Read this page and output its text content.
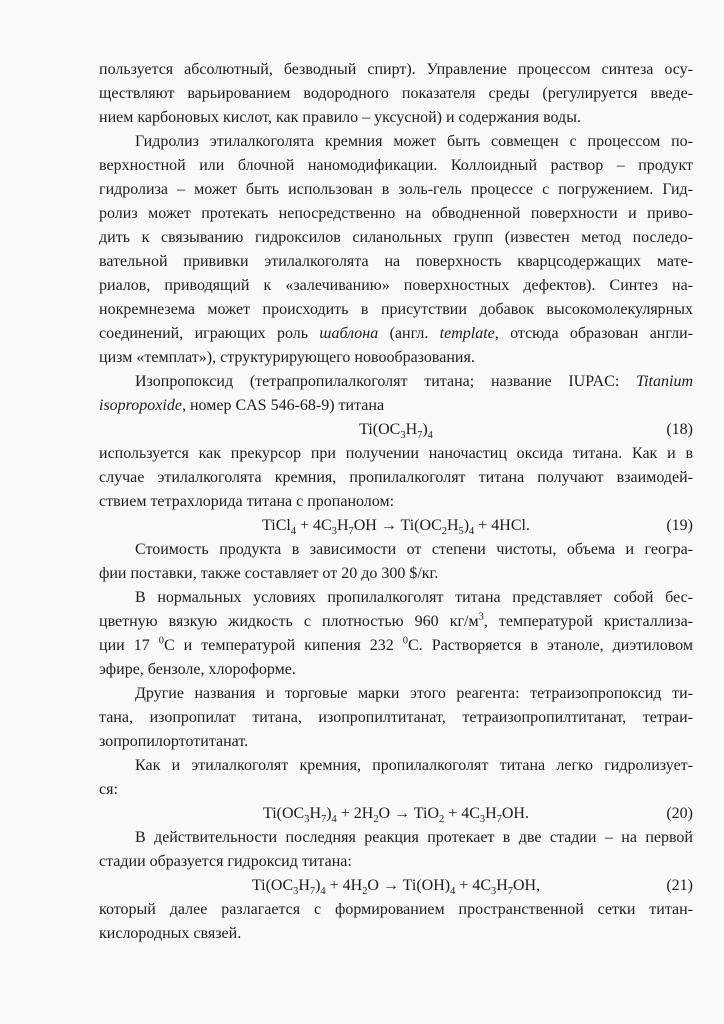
пользуется абсолютный, безводный спирт). Управление процессом синтеза осу-
ществляют варьированием водородного показателя среды (регулируется введе-
нием карбоновых кислот, как правило – уксусной) и содержания воды.
Гидролиз этилалкоголята кремния может быть совмещен с процессом по-
верхностной или блочной наномодификации. Коллоидный раствор – продукт
гидролиза – может быть использован в золь-гель процессе с погружением. Гид-
ролиз может протекать непосредственно на обводненной поверхности и приво-
дить к связыванию гидроксилов силанольных групп (известен метод последо-
вательной прививки этилалкоголята на поверхность кварцсодержащих мате-
риалов, приводящий к «залечиванию» поверхностных дефектов). Синтез на-
нокремнезема может происходить в присутствии добавок высокомолекулярных
соединений, играющих роль шаблона (англ. template, отсюда образован англи-
цизм «темплат»), структурирующего новообразования.
Изопропоксид (тетрапропилалкоголят титана; название IUPAC: Titanium
isopropoxide, номер CAS 546-68-9) титана
$Ti(OC_3H_7)_4$	(18)
используется как прекурсор при получении наночастиц оксида титана. Как и в
случае этилалкоголята кремния, пропилалкоголят титана получают взаимодей-
ствием тетрахлорида титана с пропанолом:
TiCl$_4$ + $4C_3H_7OH \to Ti(OC_2H_5)_4 + 4HCl$.	(19)
Стоимость продукта в зависимости от степени чистоты, объема и геогра-
фии поставки, также составляет от 20 до 300 $/кг.
В нормальных условиях пропилалкоголят титана представляет собой бес-
цветную вязкую жидкость с плотностью 960 $кг/м^3$, температурой кристаллиза-
ции 17 $^0$С и температурой кипения 232 $^0$С. Растворяется в этаноле, диэтиловом
эфире, бензоле, хлороформе.
Другие названия и торговые марки этого реагента: тетраизопропоксид ти-
тана, изопропилат титана, изопропилтитанат, тетраизопропилтитанат, тетраи-
зопропилортотитанат.
Как и этилалкоголят кремния, пропилалкоголят титана легко гидролизует-
ся:
$Ti(OC_3H_7)_4 + 2H_2O \to TiO_2 + 4C_3H_7OH$.	(20)
В действительности последняя реакция протекает в две стадии – на первой
стадии образуется гидроксид титана:
$Ti(OC_3H_7)_4 + 4H_2O \to Ti(OH)_4 + 4C_3H_7OH$,	(21)
который далее разлагается с формированием пространственной сетки титан-
кислородных связей.
